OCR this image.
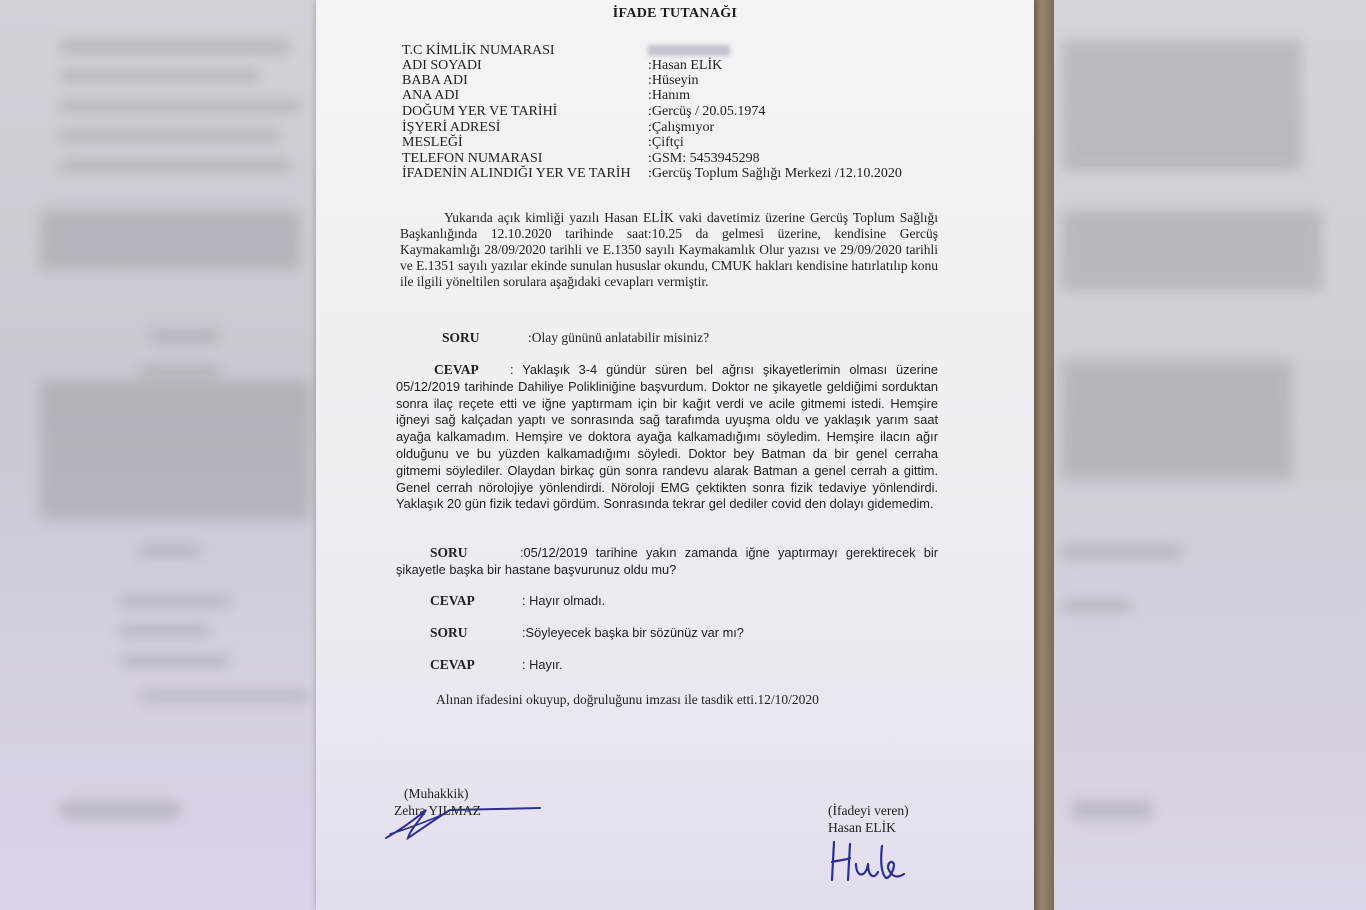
İFADE TUTANAĞI
T.C KİMLİK NUMARASI
ADI SOYADI	:Hasan ELİK
BABA ADI	:Hüseyin
ANA ADI	:Hanım
DOĞUM YER VE TARİHİ	:Gercüş / 20.05.1974
İŞYERİ ADRESİ	:Çalışmıyor
MESLEĞİ	:Çiftçi
TELEFON NUMARASI	:GSM: 5453945298
İFADENİN ALINDIĞI YER VE TARİH :Gercüş Toplum Sağlığı Merkezi /12.10.2020
Yukarıda açık kimliği yazılı Hasan ELİK vaki davetimiz üzerine Gercüş Toplum Sağlığı Başkanlığında 12.10.2020 tarihinde saat:10.25 da gelmesi üzerine, kendisine Gercüş Kaymakamlığı 28/09/2020 tarihli ve E.1350 sayılı Kaymakamlık Olur yazısı ve 29/09/2020 tarihli ve E.1351 sayılı yazılar ekinde sunulan hususlar okundu, CMUK hakları kendisine hatırlatılıp konu ile ilgili yöneltilen sorulara aşağıdaki cevapları vermiştir.
SORU	:Olay gününü anlatabilir misiniz?
CEVAP : Yaklaşık 3-4 gündür süren bel ağrısı şikayetlerimin olması üzerine 05/12/2019 tarihinde Dahiliye Polikliniğine başvurdum. Doktor ne şikayetle geldiğimi sorduktan sonra ilaç reçete etti ve iğne yaptırmam için bir kağıt verdi ve acile gitmemi istedi. Hemşire iğneyi sağ kalçadan yaptı ve sonrasında sağ tarafımda uyuşma oldu ve yaklaşık yarım saat ayağa kalkamadım. Hemşire ve doktora ayağa kalkamadığımı söyledim. Hemşire ilacın ağır olduğunu ve bu yüzden kalkamadığımı söyledi. Doktor bey Batman da bir genel cerraha gitmemi söylediler. Olaydan birkaç gün sonra randevu alarak Batman a genel cerrah a gittim. Genel cerrah nörolojiye yönlendirdi. Nöroloji EMG çektikten sonra fizik tedaviye yönlendirdi. Yaklaşık 20 gün fizik tedavi gördüm. Sonrasında tekrar gel dediler covid den dolayı gidemedim.
SORU	:05/12/2019 tarihine yakın zamanda iğne yaptırmayı gerektirecek bir şikayetle başka bir hastane başvurunuz oldu mu?
CEVAP	: Hayır olmadı.
SORU	:Söyleyecek başka bir sözünüz var mı?
CEVAP	: Hayır.
Alınan ifadesini okuyup, doğruluğunu imzası ile tasdik etti.12/10/2020
(Muhakkik)
Zehra YILMAZ	(İfadeyi veren)
Hasan ELİK
